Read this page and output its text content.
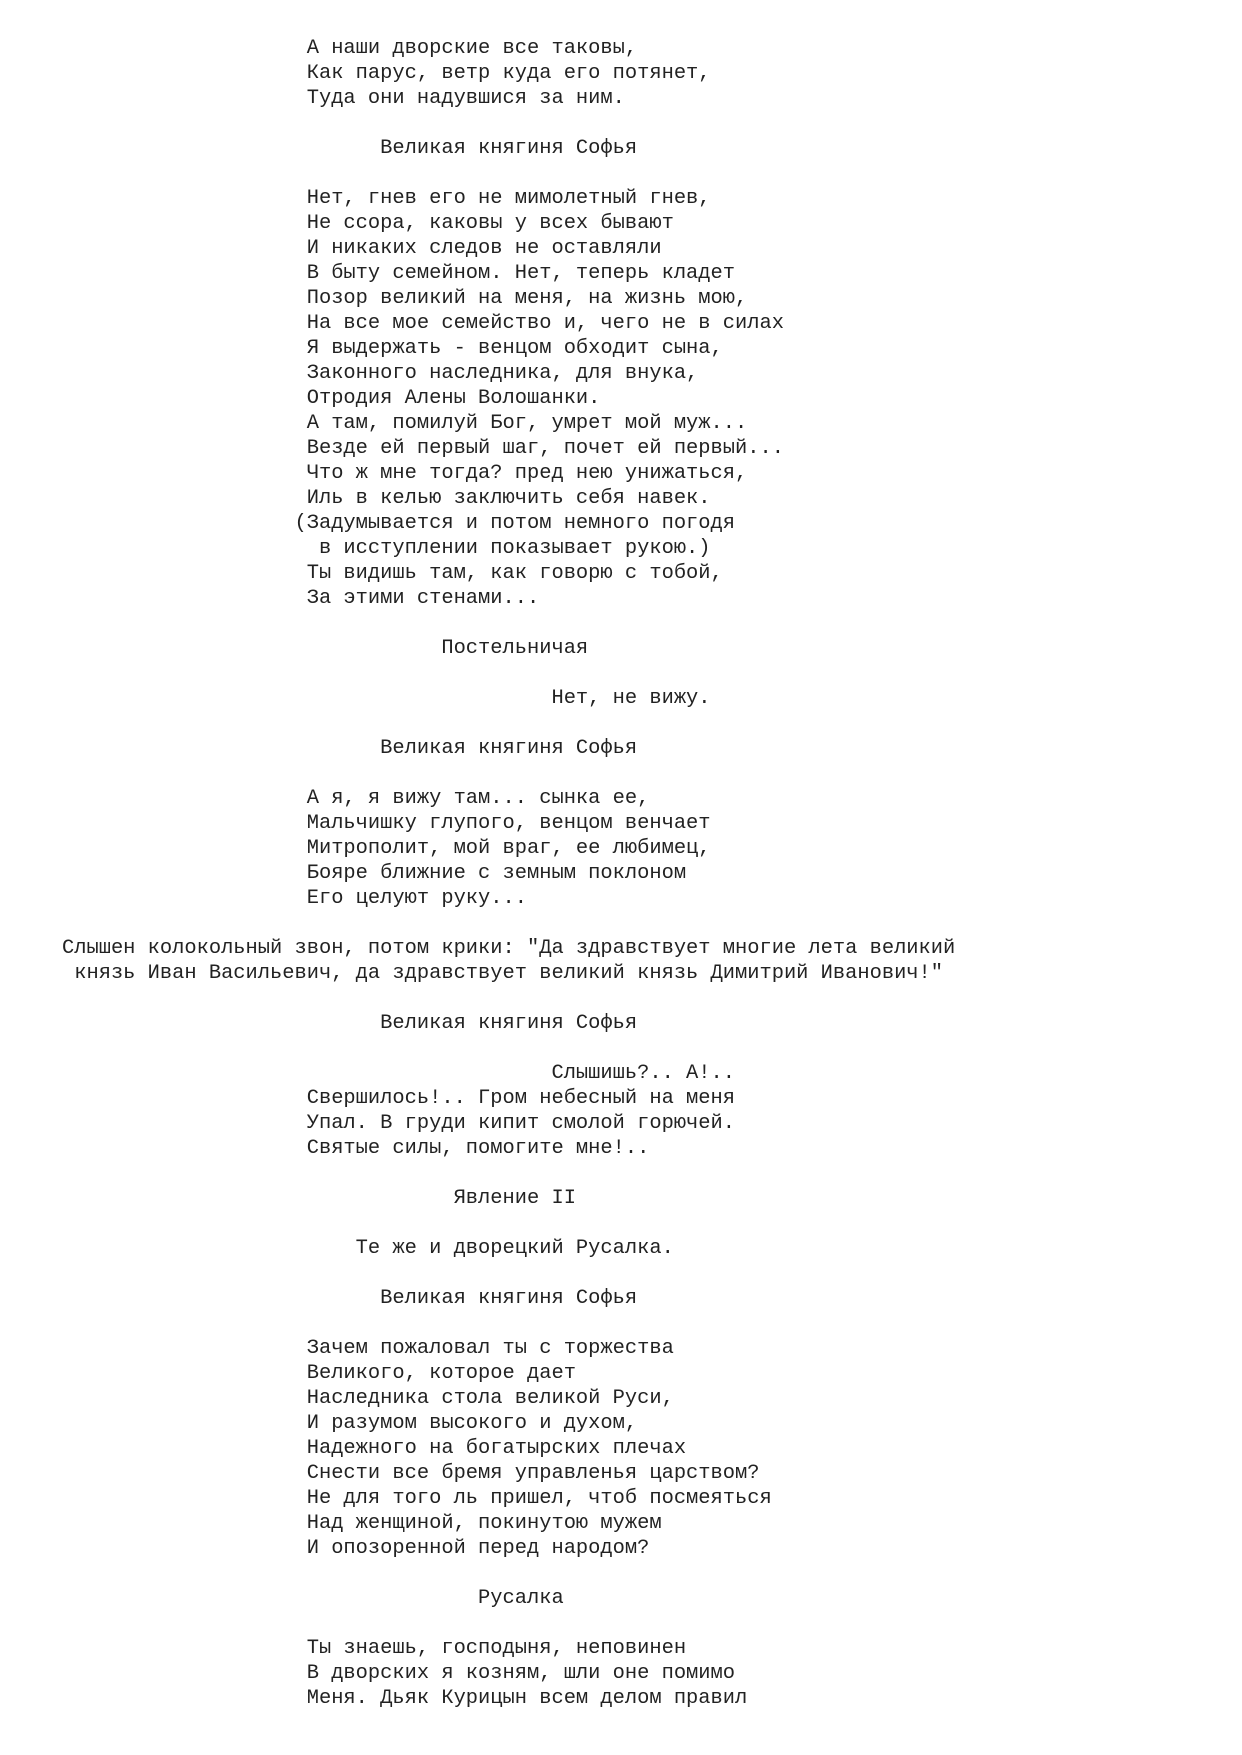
А наши дворские все таковы,
Как парус, ветр куда его потянет,
Туда они надувшися за ним.

Великая княгиня Софья

Нет, гнев его не мимолетный гнев,
Не ссора, каковы у всех бывают
И никаких следов не оставляли
В быту семейном. Нет, теперь кладет
Позор великий на меня, на жизнь мою,
На все мое семейство и, чего не в силах
Я выдержать - венцом обходит сына,
Законного наследника, для внука,
Отродия Алены Волошанки.
А там, помилуй Бог, умрет мой муж...
Везде ей первый шаг, почет ей первый...
Что ж мне тогда? пред нею унижаться,
Иль в келью заключить себя навек.
(Задумывается и потом немного погодя
в исступлении показывает рукою.)
Ты видишь там, как говорю с тобой,
За этими стенами...

Постельничая

Нет, не вижу.

Великая княгиня Софья

А я, я вижу там... сынка ее,
Мальчишку глупого, венцом венчает
Митрополит, мой враг, ее любимец,
Бояре ближние с земным поклоном
Его целуют руку...

Слышен колокольный звон, потом крики: "Да здравствует многие лета великий
князь Иван Васильевич, да здравствует великий князь Димитрий Иванович!"

Великая княгиня Софья

Слышишь?.. А!..
Свершилось!.. Гром небесный на меня
Упал. В груди кипит смолой горючей.
Святые силы, помогите мне!..

Явление II

Те же и дворецкий Русалка.

Великая княгиня Софья

Зачем пожаловал ты с торжества
Великого, которое дает
Наследника стола великой Руси,
И разумом высокого и духом,
Надежного на богатырских плечах
Снести все бремя управленья царством?
Не для того ль пришел, чтоб посмеяться
Над женщиной, покинутою мужем
И опозоренной перед народом?

Русалка

Ты знаешь, господыня, неповинен
В дворских я козням, шли оне помимо
Меня. Дьяк Курицын всем делом правил
